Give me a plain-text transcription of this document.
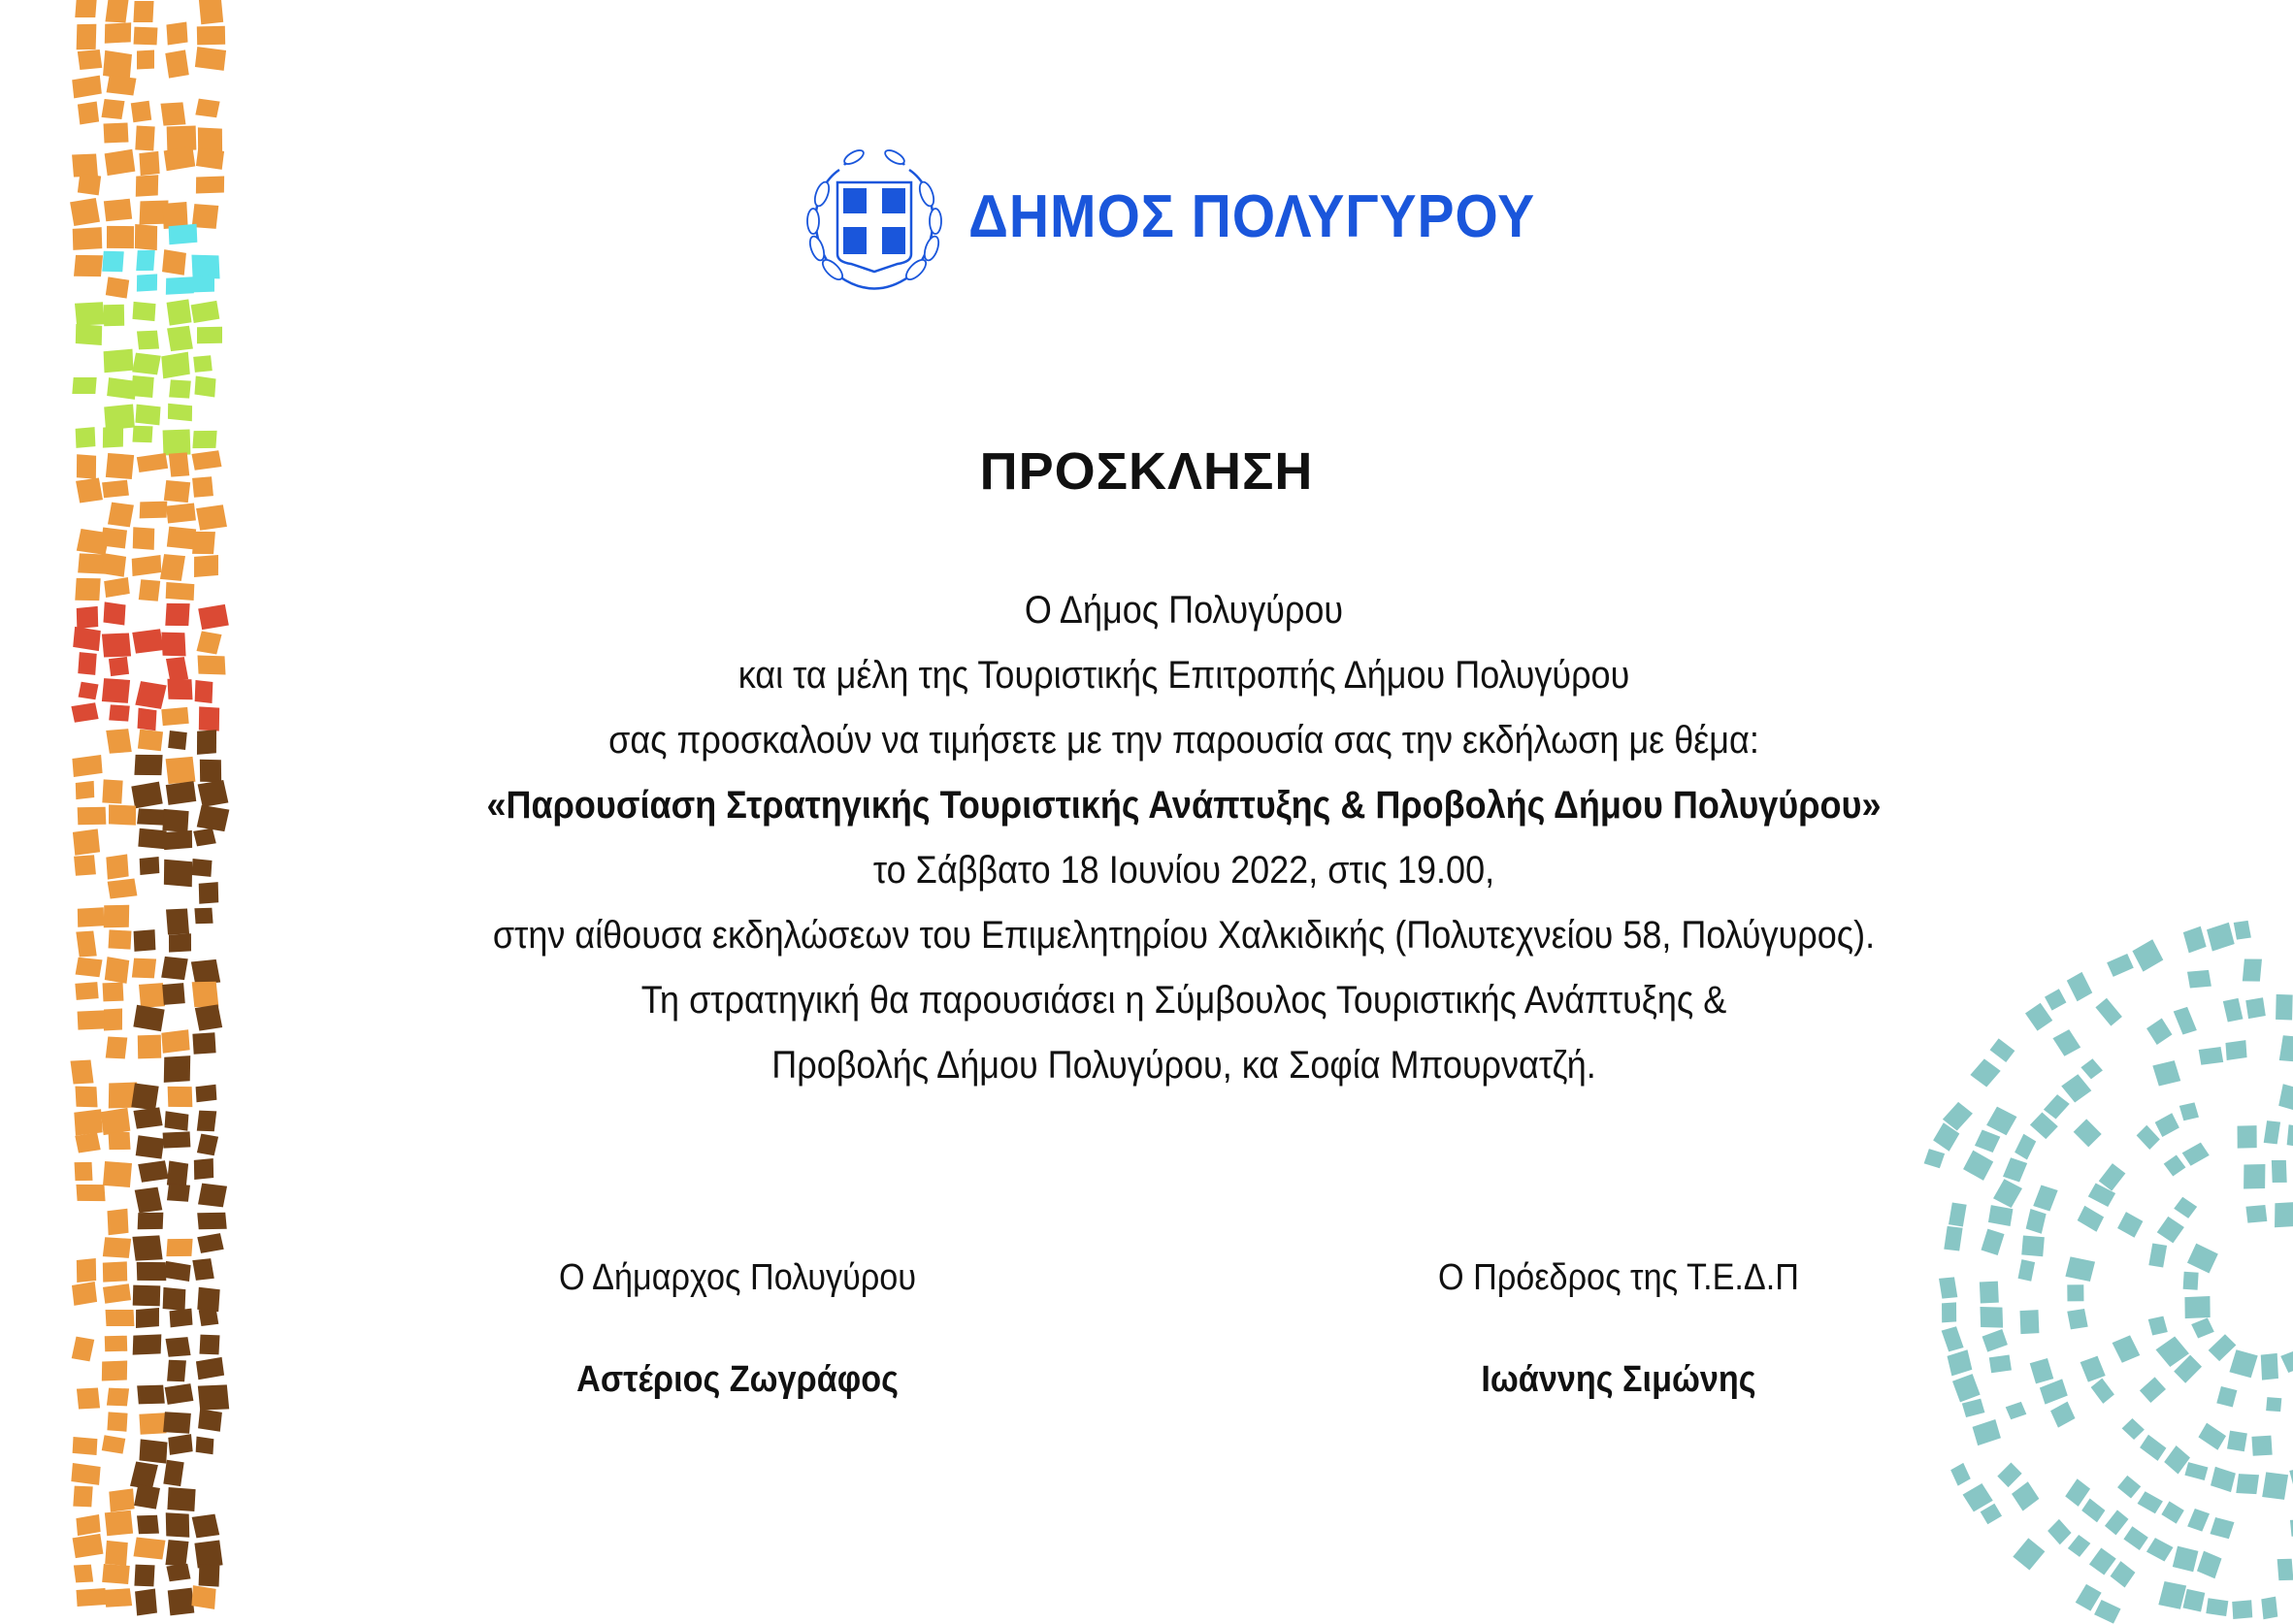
ΔΗΜΟΣ ΠΟΛΥΓΥΡΟΥ
ΠΡΟΣΚΛΗΣΗ
Ο Δήμος Πολυγύρου
και τα μέλη της Τουριστικής Επιτροπής Δήμου Πολυγύρου
σας προσκαλούν να τιμήσετε με την παρουσία σας την εκδήλωση με θέμα:
«Παρουσίαση Στρατηγικής Τουριστικής Ανάπτυξης & Προβολής Δήμου Πολυγύρου»
το Σάββατο 18 Ιουνίου 2022, στις 19.00,
στην αίθουσα εκδηλώσεων του Επιμελητηρίου Χαλκιδικής (Πολυτεχνείου 58, Πολύγυρος).
Τη στρατηγική θα παρουσιάσει η Σύμβουλος Τουριστικής Ανάπτυξης &
Προβολής Δήμου Πολυγύρου, κα Σοφία Μπουρνατζή.
Ο Δήμαρχος Πολυγύρου
Αστέριος Ζωγράφος
Ο Πρόεδρος της Τ.Ε.Δ.Π
Ιωάννης Σιμώνης
